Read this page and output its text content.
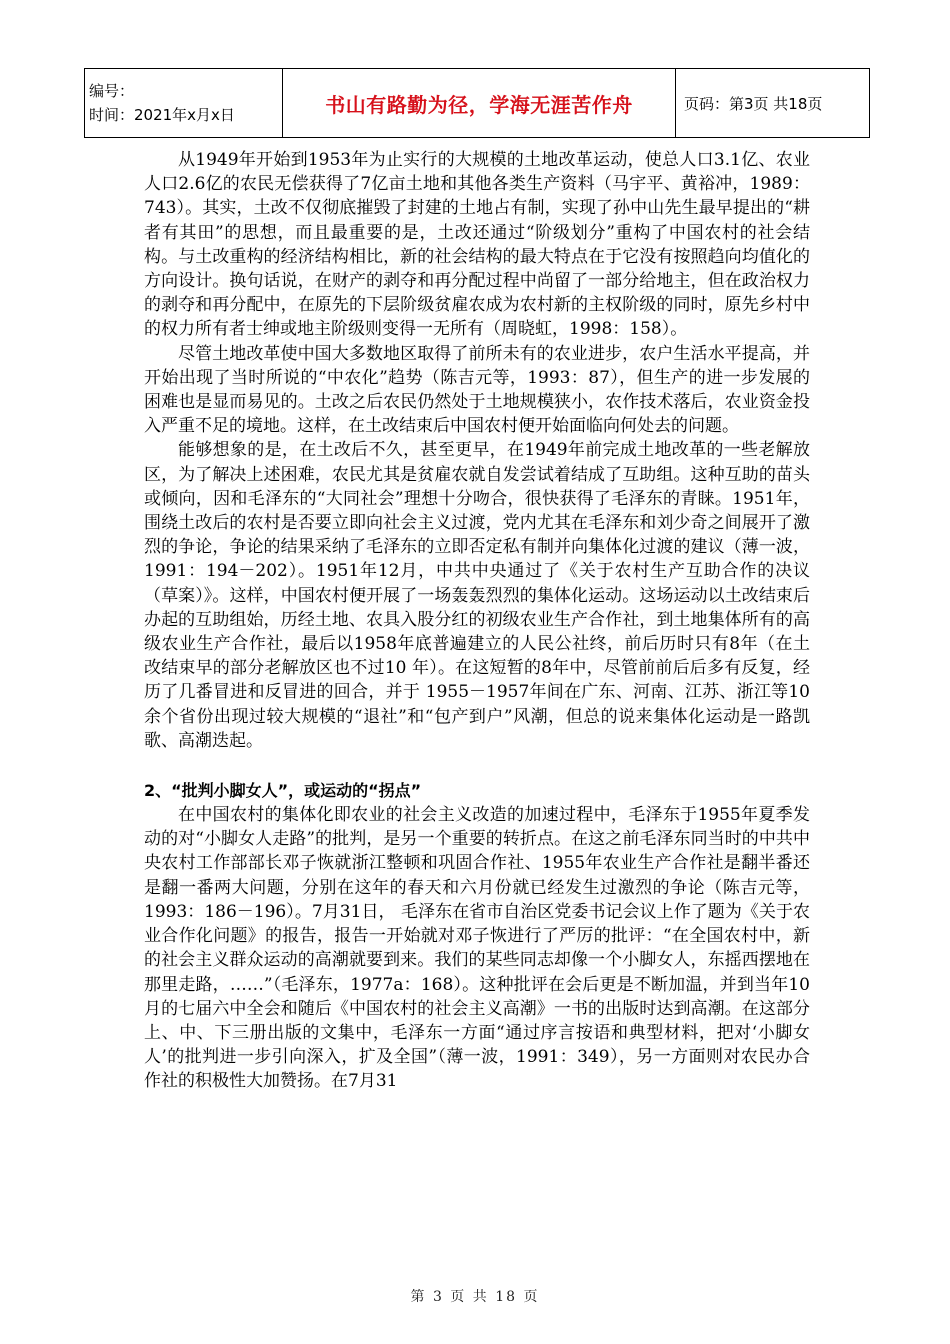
编号：
时间：2021年x月x日	书山有路勤为径，学海无涯苦作舟	页码：第3页 共18页

从1949年开始到1953年为止实行的大规模的土地改革运动，使总人口3.1亿、农业人口2.6亿的农民无偿获得了7亿亩土地和其他各类生产资料（马宇平、黄裕冲，1989：743）。其实，土改不仅彻底摧毁了封建的土地占有制，实现了孙中山先生最早提出的“耕者有其田”的思想，而且最重要的是，土改还通过“阶级划分”重构了中国农村的社会结构。与土改重构的经济结构相比，新的社会结构的最大特点在于它没有按照趋向均值化的方向设计。换句话说，在财产的剥夺和再分配过程中尚留了一部分给地主，但在政治权力的剥夺和再分配中，在原先的下层阶级贫雇农成为农村新的主权阶级的同时，原先乡村中的权力所有者士绅或地主阶级则变得一无所有（周晓虹，1998：158）。

尽管土地改革使中国大多数地区取得了前所未有的农业进步，农户生活水平提高，并开始出现了当时所说的“中农化”趋势（陈吉元等，1993：87），但生产的进一步发展的困难也是显而易见的。土改之后农民仍然处于土地规模狭小，农作技术落后，农业资金投入严重不足的境地。这样，在土改结束后中国农村便开始面临向何处去的问题。

能够想象的是，在土改后不久，甚至更早，在1949年前完成土地改革的一些老解放区，为了解决上述困难，农民尤其是贫雇农就自发尝试着结成了互助组。这种互助的苗头或倾向，因和毛泽东的“大同社会”理想十分吻合，很快获得了毛泽东的青睐。1951年，围绕土改后的农村是否要立即向社会主义过渡，党内尤其在毛泽东和刘少奇之间展开了激烈的争论，争论的结果采纳了毛泽东的立即否定私有制并向集体化过渡的建议（薄一波，1991：194－202）。1951年12月，中共中央通过了《关于农村生产互助合作的决议（草案）》。这样，中国农村便开展了一场轰轰烈烈的集体化运动。这场运动以土改结束后办起的互助组始，历经土地、农具入股分红的初级农业生产合作社，到土地集体所有的高级农业生产合作社，最后以1958年底普遍建立的人民公社终，前后历时只有8年（在土改结束早的部分老解放区也不过10 年）。在这短暂的8年中，尽管前前后后多有反复，经历了几番冒进和反冒进的回合，并于 1955－1957年间在广东、河南、江苏、浙江等10余个省份出现过较大规模的“退社”和“包产到户”风潮，但总的说来集体化运动是一路凯歌、高潮迭起。

2、“批判小脚女人”，或运动的“拐点”

在中国农村的集体化即农业的社会主义改造的加速过程中，毛泽东于1955年夏季发动的对“小脚女人走路”的批判，是另一个重要的转折点。在这之前毛泽东同当时的中共中央农村工作部部长邓子恢就浙江整顿和巩固合作社、1955年农业生产合作社是翻半番还是翻一番两大问题，分别在这年的春天和六月份就已经发生过激烈的争论（陈吉元等，1993：186－196）。7月31日， 毛泽东在省市自治区党委书记会议上作了题为《关于农业合作化问题》的报告，报告一开始就对邓子恢进行了严厉的批评：“在全国农村中，新的社会主义群众运动的高潮就要到来。我们的某些同志却像一个小脚女人，东摇西摆地在那里走路，……”（毛泽东，1977a：168）。这种批评在会后更是不断加温，并到当年10月的七届六中全会和随后《中国农村的社会主义高潮》一书的出版时达到高潮。在这部分上、中、下三册出版的文集中，毛泽东一方面“通过序言按语和典型材料，把对‘小脚女人’的批判进一步引向深入，扩及全国”（薄一波，1991：349），另一方面则对农民办合作社的积极性大加赞扬。在7月31

第 3 页 共 18 页
